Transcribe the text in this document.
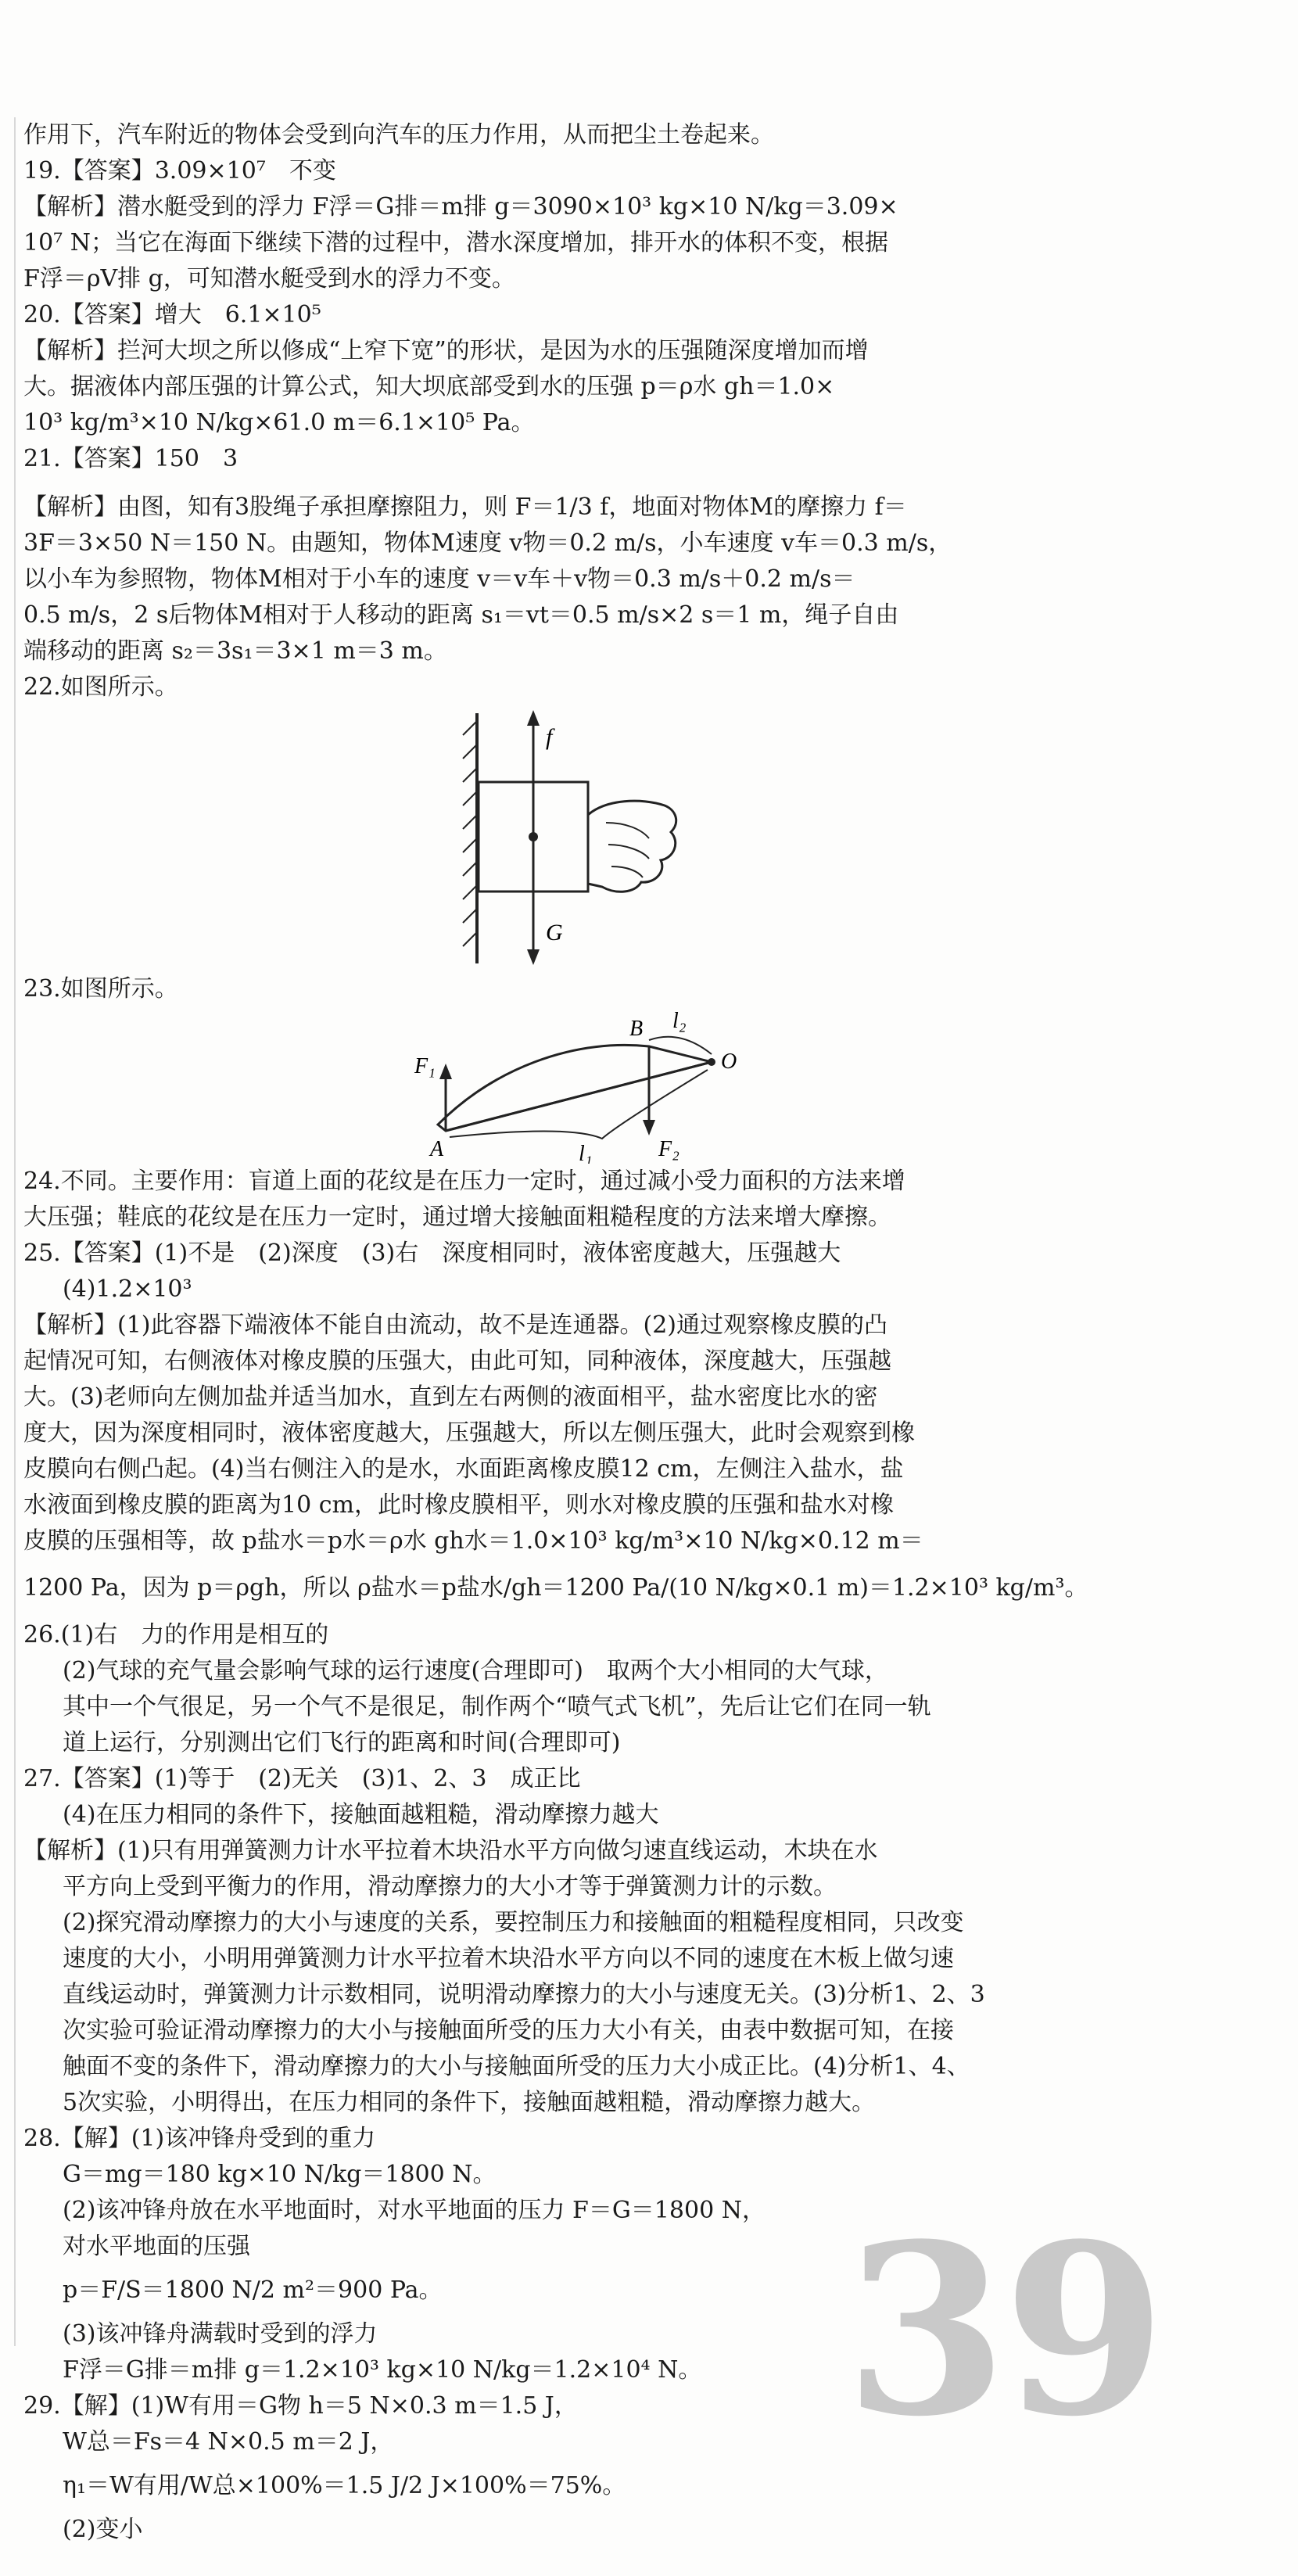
作用下，汽车附近的物体会受到向汽车的压力作用，从而把尘土卷起来。

19.【答案】3.09×10⁷　不变

【解析】潜水艇受到的浮力 F浮＝G排＝m排 g＝3090×10³ kg×10 N/kg＝3.09×

10⁷ N；当它在海面下继续下潜的过程中，潜水深度增加，排开水的体积不变，根据

F浮＝ρV排 g，可知潜水艇受到水的浮力不变。

20.【答案】增大　6.1×10⁵

【解析】拦河大坝之所以修成“上窄下宽”的形状，是因为水的压强随深度增加而增

大。据液体内部压强的计算公式，知大坝底部受到水的压强 p＝ρ水 gh＝1.0×

10³ kg/m³×10 N/kg×61.0 m＝6.1×10⁵ Pa。

21.【答案】150　3

【解析】由图，知有3股绳子承担摩擦阻力，则 F＝1/3 f，地面对物体M的摩擦力 f＝

3F＝3×50 N＝150 N。由题知，物体M速度 v物＝0.2 m/s，小车速度 v车＝0.3 m/s，

以小车为参照物，物体M相对于小车的速度 v＝v车＋v物＝0.3 m/s＋0.2 m/s＝

0.5 m/s，2 s后物体M相对于人移动的距离 s₁＝vt＝0.5 m/s×2 s＝1 m，绳子自由

端移动的距离 s₂＝3s₁＝3×1 m＝3 m。

22.如图所示。

f
G

23.如图所示。

B l₂
O
F₁
A	l₁	F₂

24.不同。主要作用：盲道上面的花纹是在压力一定时，通过减小受力面积的方法来增

大压强；鞋底的花纹是在压力一定时，通过增大接触面粗糙程度的方法来增大摩擦。

25.【答案】(1)不是　(2)深度　(3)右　深度相同时，液体密度越大，压强越大

(4)1.2×10³

【解析】(1)此容器下端液体不能自由流动，故不是连通器。(2)通过观察橡皮膜的凸

起情况可知，右侧液体对橡皮膜的压强大，由此可知，同种液体，深度越大，压强越

大。(3)老师向左侧加盐并适当加水，直到左右两侧的液面相平，盐水密度比水的密

度大，因为深度相同时，液体密度越大，压强越大，所以左侧压强大，此时会观察到橡

皮膜向右侧凸起。(4)当右侧注入的是水，水面距离橡皮膜12 cm，左侧注入盐水，盐

水液面到橡皮膜的距离为10 cm，此时橡皮膜相平，则水对橡皮膜的压强和盐水对橡

皮膜的压强相等，故 p盐水＝p水＝ρ水 gh水＝1.0×10³ kg/m³×10 N/kg×0.12 m＝

1200 Pa，因为 p＝ρgh，所以 ρ盐水＝p盐水/gh＝1200 Pa/(10 N/kg×0.1 m)＝1.2×10³ kg/m³。

26.(1)右　力的作用是相互的

(2)气球的充气量会影响气球的运行速度(合理即可)　取两个大小相同的大气球，

其中一个气很足，另一个气不是很足，制作两个“喷气式飞机”，先后让它们在同一轨

道上运行，分别测出它们飞行的距离和时间(合理即可)

27.【答案】(1)等于　(2)无关　(3)1、2、3　成正比

(4)在压力相同的条件下，接触面越粗糙，滑动摩擦力越大

【解析】(1)只有用弹簧测力计水平拉着木块沿水平方向做匀速直线运动，木块在水

平方向上受到平衡力的作用，滑动摩擦力的大小才等于弹簧测力计的示数。

(2)探究滑动摩擦力的大小与速度的关系，要控制压力和接触面的粗糙程度相同，只改变

速度的大小，小明用弹簧测力计水平拉着木块沿水平方向以不同的速度在木板上做匀速

直线运动时，弹簧测力计示数相同，说明滑动摩擦力的大小与速度无关。(3)分析1、2、3

次实验可验证滑动摩擦力的大小与接触面所受的压力大小有关，由表中数据可知，在接

触面不变的条件下，滑动摩擦力的大小与接触面所受的压力大小成正比。(4)分析1、4、

5次实验，小明得出，在压力相同的条件下，接触面越粗糙，滑动摩擦力越大。

28.【解】(1)该冲锋舟受到的重力

G＝mg＝180 kg×10 N/kg＝1800 N。

(2)该冲锋舟放在水平地面时，对水平地面的压力 F＝G＝1800 N，

对水平地面的压强

p＝F/S＝1800 N/2 m²＝900 Pa。

(3)该冲锋舟满载时受到的浮力

F浮＝G排＝m排 g＝1.2×10³ kg×10 N/kg＝1.2×10⁴ N。

29.【解】(1)W有用＝G物 h＝5 N×0.3 m＝1.5 J，

W总＝Fs＝4 N×0.5 m＝2 J，

η₁＝W有用/W总×100%＝1.5 J/2 J×100%＝75%。

(2)变小

39
